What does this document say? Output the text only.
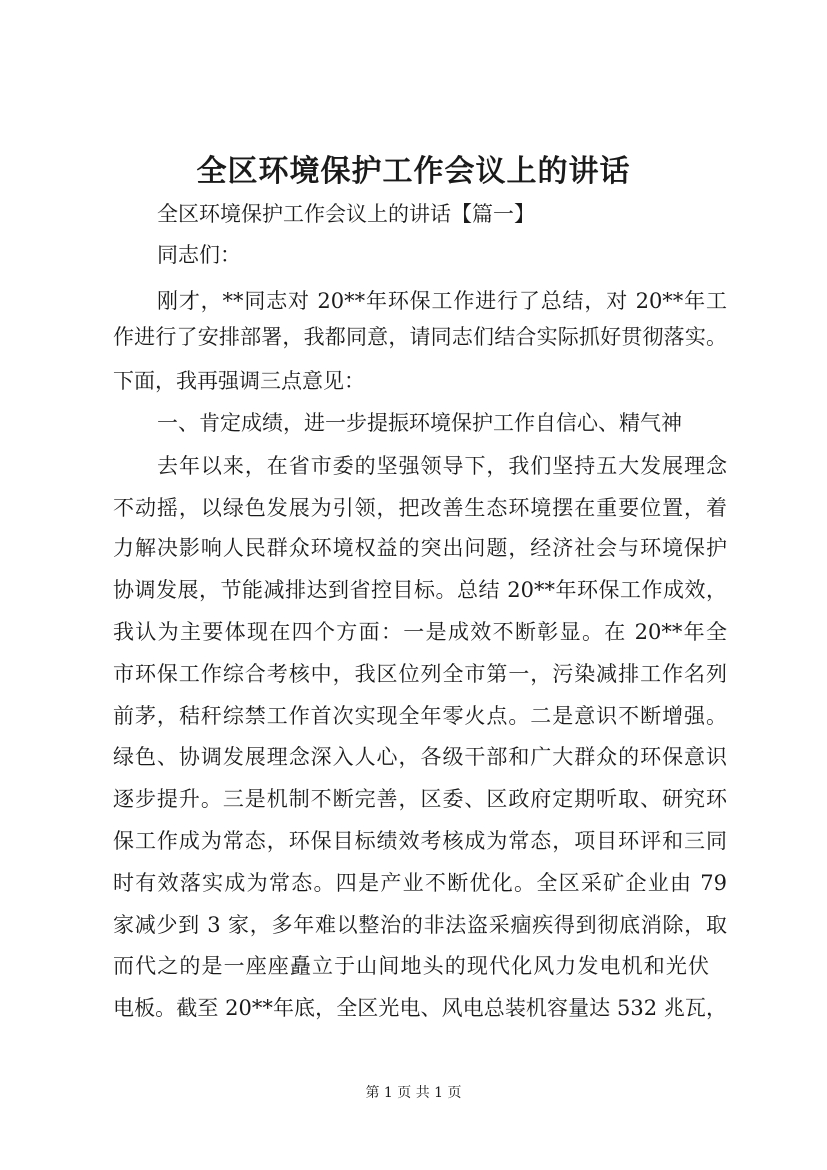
全区环境保护工作会议上的讲话
全区环境保护工作会议上的讲话【篇一】
同志们：
刚才，**同志对 20**年环保工作进行了总结，对 20**年工
作进行了安排部署，我都同意，请同志们结合实际抓好贯彻落实。
下面，我再强调三点意见：
一、肯定成绩，进一步提振环境保护工作自信心、精气神
去年以来，在省市委的坚强领导下，我们坚持五大发展理念
不动摇，以绿色发展为引领，把改善生态环境摆在重要位置，着
力解决影响人民群众环境权益的突出问题，经济社会与环境保护
协调发展，节能减排达到省控目标。总结 20**年环保工作成效，
我认为主要体现在四个方面：一是成效不断彰显。在 20**年全
市环保工作综合考核中，我区位列全市第一，污染减排工作名列
前茅，秸秆综禁工作首次实现全年零火点。二是意识不断增强。
绿色、协调发展理念深入人心，各级干部和广大群众的环保意识
逐步提升。三是机制不断完善，区委、区政府定期听取、研究环
保工作成为常态，环保目标绩效考核成为常态，项目环评和三同
时有效落实成为常态。四是产业不断优化。全区采矿企业由 79
家减少到 3 家，多年难以整治的非法盗采痼疾得到彻底消除，取
而代之的是一座座矗立于山间地头的现代化风力发电机和光伏
电板。截至 20**年底，全区光电、风电总装机容量达 532 兆瓦，
第 1 页 共 1 页
